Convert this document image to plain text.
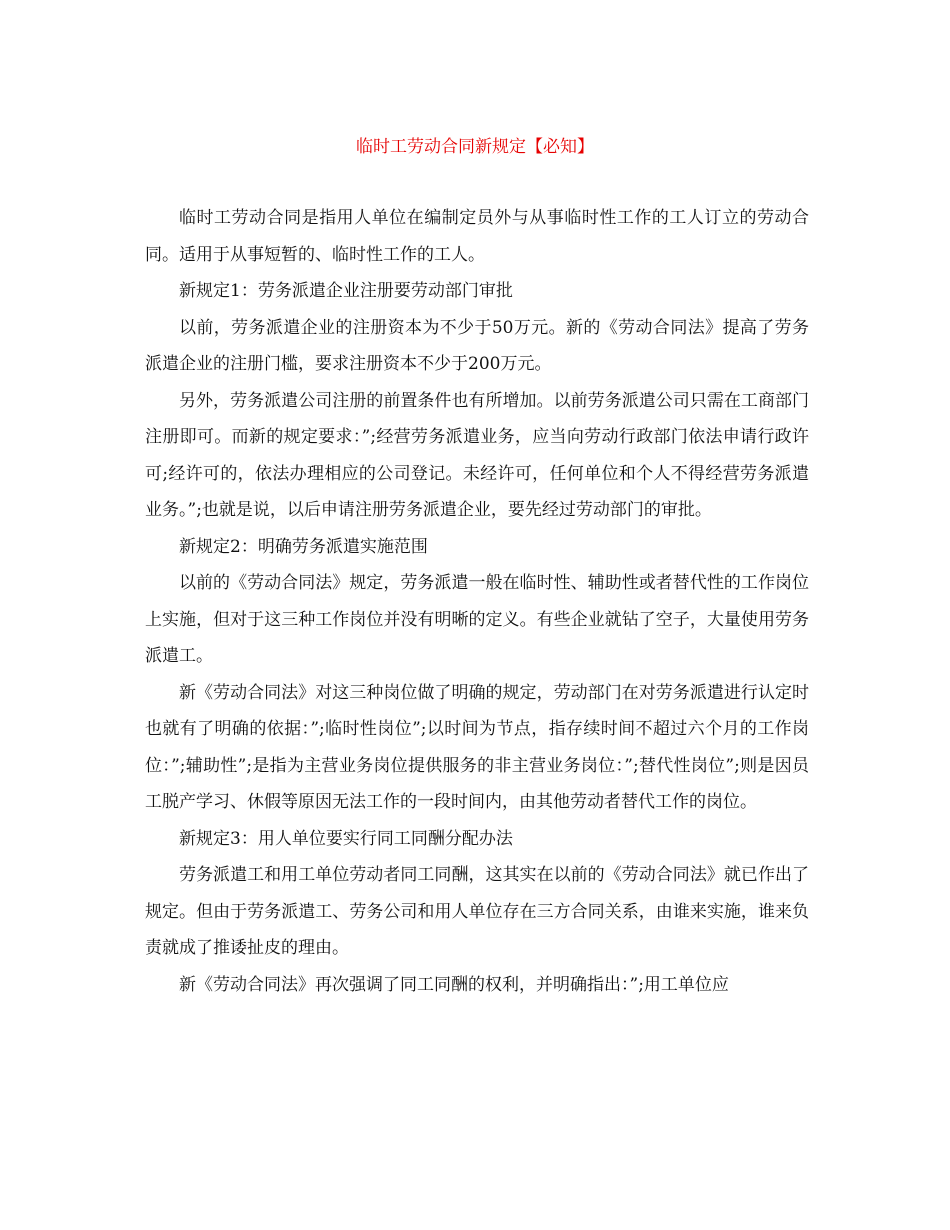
临时工劳动合同新规定【必知】

临时工劳动合同是指用人单位在编制定员外与从事临时性工作的工人订立的劳动合同。适用于从事短暂的、临时性工作的工人。

新规定1：劳务派遣企业注册要劳动部门审批

以前，劳务派遣企业的注册资本为不少于50万元。新的《劳动合同法》提高了劳务派遣企业的注册门槛，要求注册资本不少于200万元。

另外，劳务派遣公司注册的前置条件也有所增加。以前劳务派遣公司只需在工商部门注册即可。而新的规定要求：”;经营劳务派遣业务，应当向劳动行政部门依法申请行政许可;经许可的，依法办理相应的公司登记。未经许可，任何单位和个人不得经营劳务派遣业务。”;也就是说，以后申请注册劳务派遣企业，要先经过劳动部门的审批。

新规定2：明确劳务派遣实施范围

以前的《劳动合同法》规定，劳务派遣一般在临时性、辅助性或者替代性的工作岗位上实施，但对于这三种工作岗位并没有明晰的定义。有些企业就钻了空子，大量使用劳务派遣工。

新《劳动合同法》对这三种岗位做了明确的规定，劳动部门在对劳务派遣进行认定时也就有了明确的依据：”;临时性岗位”;以时间为节点，指存续时间不超过六个月的工作岗位：”;辅助性”;是指为主营业务岗位提供服务的非主营业务岗位：”;替代性岗位”;则是因员工脱产学习、休假等原因无法工作的一段时间内，由其他劳动者替代工作的岗位。

新规定3：用人单位要实行同工同酬分配办法

劳务派遣工和用工单位劳动者同工同酬，这其实在以前的《劳动合同法》就已作出了规定。但由于劳务派遣工、劳务公司和用人单位存在三方合同关系，由谁来实施，谁来负责就成了推诿扯皮的理由。

新《劳动合同法》再次强调了同工同酬的权利，并明确指出：”;用工单位应
